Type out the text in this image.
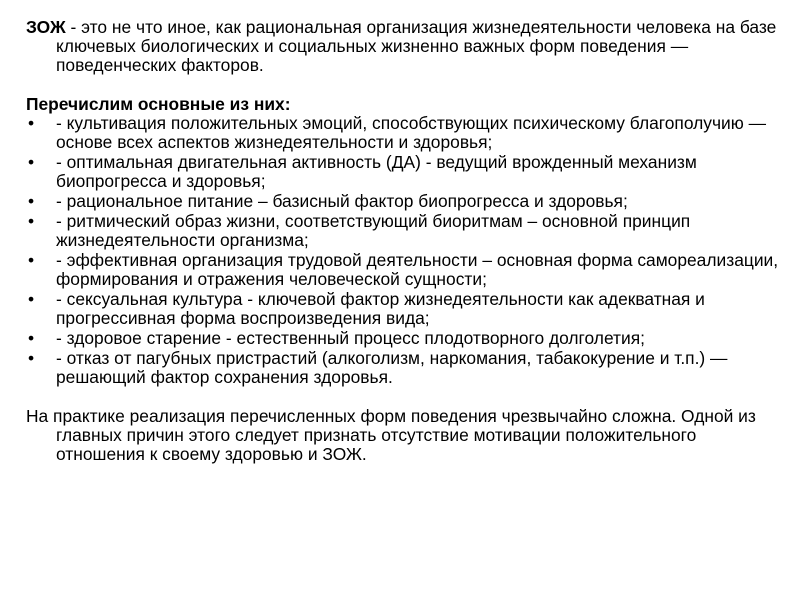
ЗОЖ - это не что иное, как рациональная организация жизнедеятельности человека на базе ключевых биологических и социальных жизненно важных форм поведения — поведенческих факторов.

Перечислим основные из них:

• - культивация положительных эмоций, способствующих психическому благополучию — основе всех аспектов жизнедеятельности и здоровья;
• - оптимальная двигательная активность (ДА) - ведущий врожденный механизм биопрогресса и здоровья;
• - рациональное питание – базисный фактор биопрогресса и здоровья;
• - ритмический образ жизни, соответствующий биоритмам – основной принцип жизнедеятельности организма;
• - эффективная организация трудовой деятельности – основная форма самореализации, формирования и отражения человеческой сущности;
• - сексуальная культура - ключевой фактор жизнедеятельности как адекватная и прогрессивная форма воспроизведения вида;
• - здоровое старение - естественный процесс плодотворного долголетия;
• - отказ от пагубных пристрастий (алкоголизм, наркомания, табакокурение и т.п.) — решающий фактор сохранения здоровья.

На практике реализация перечисленных форм поведения чрезвычайно сложна. Одной из главных причин этого следует признать отсутствие мотивации положительного отношения к своему здоровью и ЗОЖ.
